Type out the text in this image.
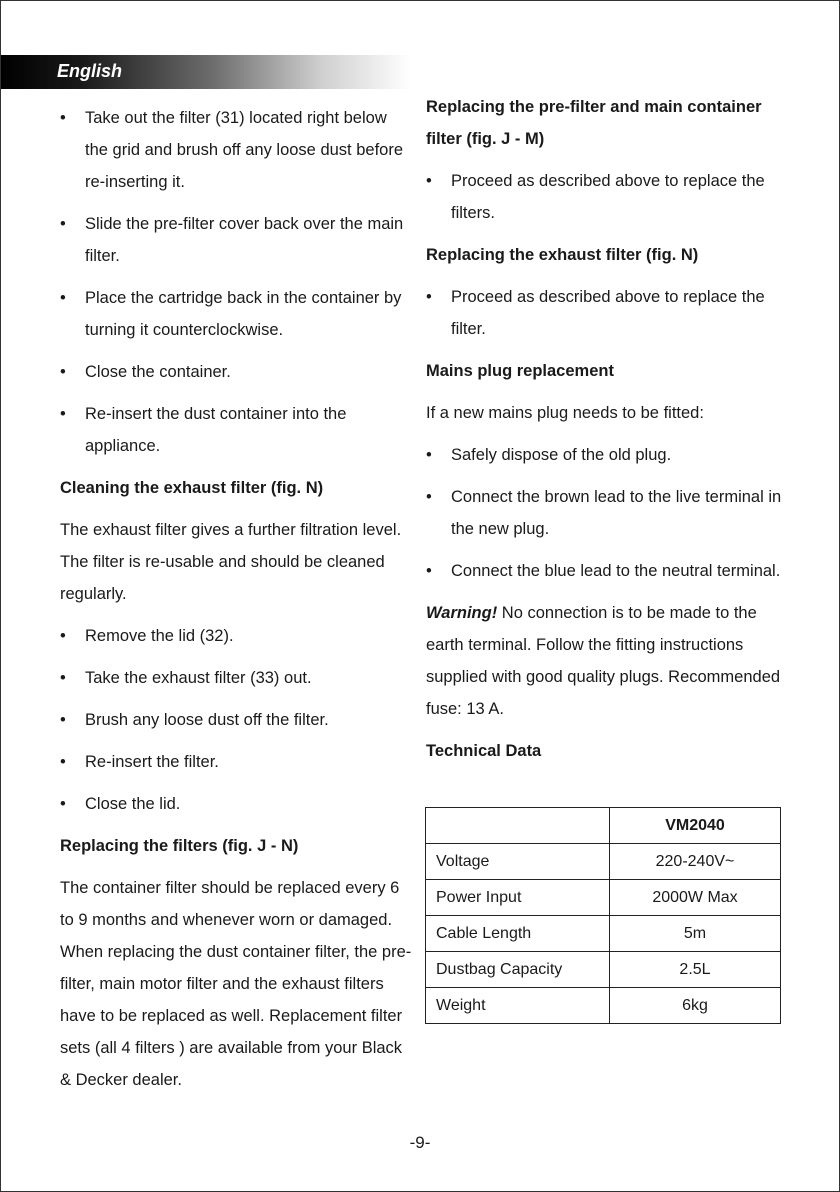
English
• Take out the filter (31) located right below the grid and brush off any loose dust before re-inserting it.
• Slide the pre-filter cover back over the main filter.
• Place the cartridge back in the container by turning it counterclockwise.
• Close the container.
• Re-insert the dust container into the appliance.
Cleaning the exhaust filter (fig. N)
The exhaust filter gives a further filtration level. The filter is re-usable and should be cleaned regularly.
• Remove the lid (32).
• Take the exhaust filter (33) out.
• Brush any loose dust off the filter.
• Re-insert the filter.
• Close the lid.
Replacing the filters (fig. J - N)
The container filter should be replaced every 6 to 9 months and whenever worn or damaged. When replacing the dust container filter, the pre-filter, main motor filter and the exhaust filters have to be replaced as well. Replacement filter sets (all 4 filters ) are available from your Black & Decker dealer.
Replacing the pre-filter and main container filter (fig. J - M)
• Proceed as described above to replace the filters.
Replacing the exhaust filter (fig. N)
• Proceed as described above to replace the filter.
Mains plug replacement
If a new mains plug needs to be fitted:
• Safely dispose of the old plug.
• Connect the brown lead to the live terminal in the new plug.
• Connect the blue lead to the neutral terminal.
Warning! No connection is to be made to the earth terminal. Follow the fitting instructions supplied with good quality plugs. Recommended fuse: 13 A.
Technical Data
	VM2040
Voltage	220-240V~
Power Input	2000W Max
Cable Length	5m
Dustbag Capacity	2.5L
Weight	6kg
-9-
